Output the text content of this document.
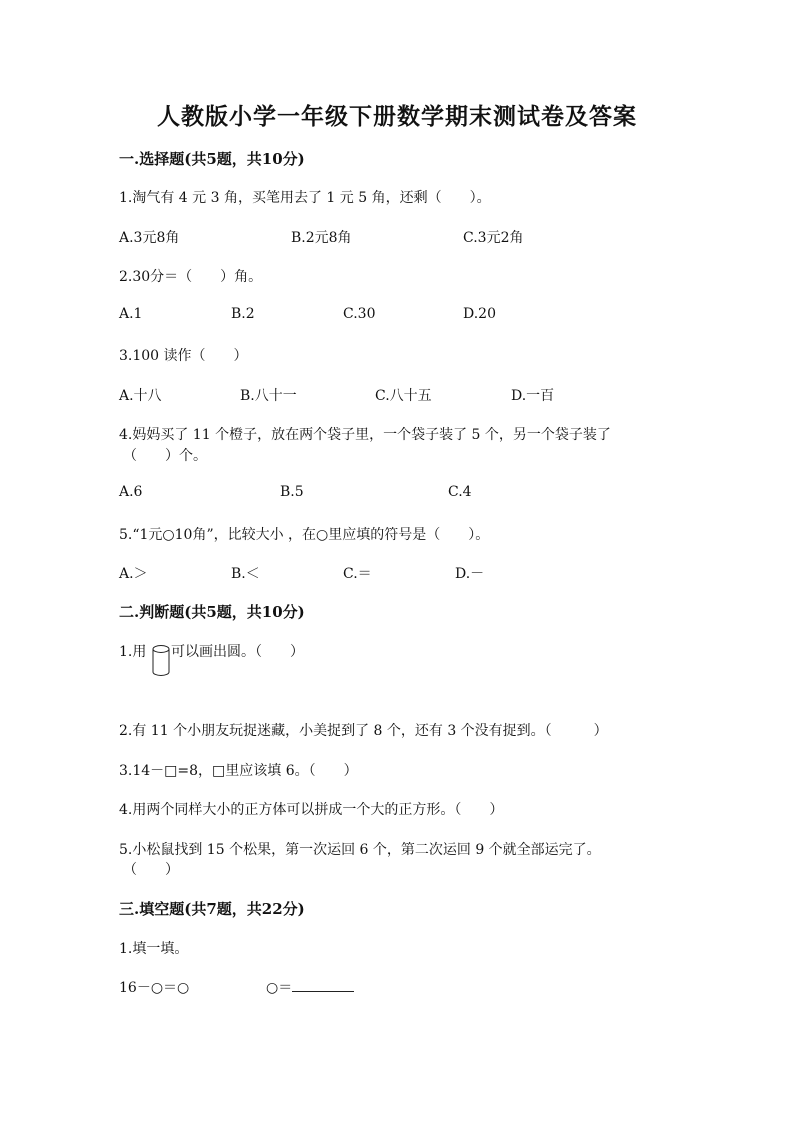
人教版小学一年级下册数学期末测试卷及答案
一.选择题(共5题，共10分)
1.淘气有 4 元 3 角，买笔用去了 1 元 5 角，还剩（　　）。
A.3元8角	B.2元8角	C.3元2角
2.30分＝（　　）角。
A.1	B.2	C.30	D.20
3.100 读作（　　）
A.十八	B.八十一	C.八十五	D.一百
4.妈妈买了 11 个橙子，放在两个袋子里，一个袋子装了 5 个，另一个袋子装了
（　　）个。
A.6	B.5	C.4
5.“1元○10角”，比较大小 ，在○里应填的符号是（　　）。
A.＞	B.＜	C.＝	D.－
二.判断题(共5题，共10分)
1.用 可以画出圆。（　　）
2.有 11 个小朋友玩捉迷藏，小美捉到了 8 个，还有 3 个没有捉到。（　　　）
3.14－□=8，□里应该填 6。（　　）
4.用两个同样大小的正方体可以拼成一个大的正方形。（　　）
5.小松鼠找到 15 个松果，第一次运回 6 个，第二次运回 9 个就全部运完了。
（　　）
三.填空题(共7题，共22分)
1.填一填。
16－○＝○	○＝
